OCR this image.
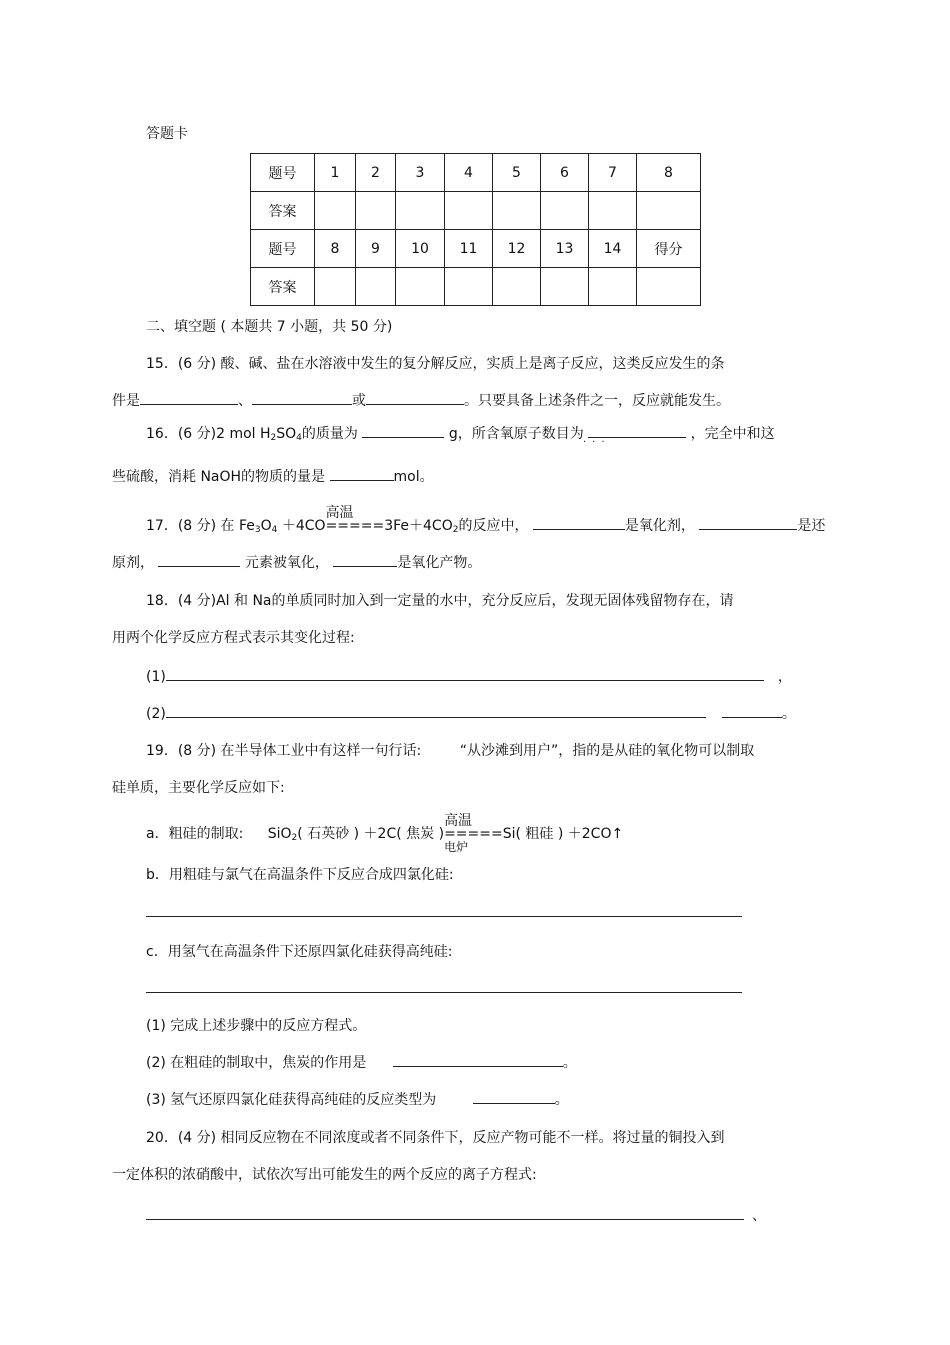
答题卡
题号	1	2	3	4	5	6	7	8
答案								
题号	8	9	10	11	12	13	14	得分
答案								
二、填空题 ( 本题共 7 小题，共 50 分)
15．(6 分) 酸、碱、盐在水溶液中发生的复分解反应，实质上是离子反应，这类反应发生的条
件是	、	或	。只要具备上述条件之一，反应就能发生。
16．(6 分)2 mol $H_2SO_4$的质量为	g，所含氧原子数目为	，完全中和这
···
些硫酸，消耗 NaOH的物质的量是	mol。
17．(8 分) 在 $Fe_3O_4 +4CO$
高温
$=====3Fe+4CO_2$的反应中，	是氧化剂，	是还
原剂，	元素被氧化，	是氧化产物。
18．(4 分)Al 和 Na的单质同时加入到一定量的水中，充分反应后，发现无固体残留物存在，请
用两个化学反应方程式表示其变化过程:
(1)	，
(2)	。
19．(8 分) 在半导体工业中有这样一句行话:	“从沙滩到用户”，指的是从硅的氧化物可以制取
硅单质，主要化学反应如下:
a．粗硅的制取: SiO$_2$( 石英砂 ) ＋2C( 焦炭 )
高温
=====
电炉
Si( 粗硅 ) ＋2CO↑
b．用粗硅与氯气在高温条件下反应合成四氯化硅:
c．用氢气在高温条件下还原四氯化硅获得高纯硅:
(1) 完成上述步骤中的反应方程式。
(2) 在粗硅的制取中，焦炭的作用是	。
(3) 氢气还原四氯化硅获得高纯硅的反应类型为	。
20．(4 分) 相同反应物在不同浓度或者不同条件下，反应产物可能不一样。将过量的铜投入到
一定体积的浓硝酸中，试依次写出可能发生的两个反应的离子方程式:
、
